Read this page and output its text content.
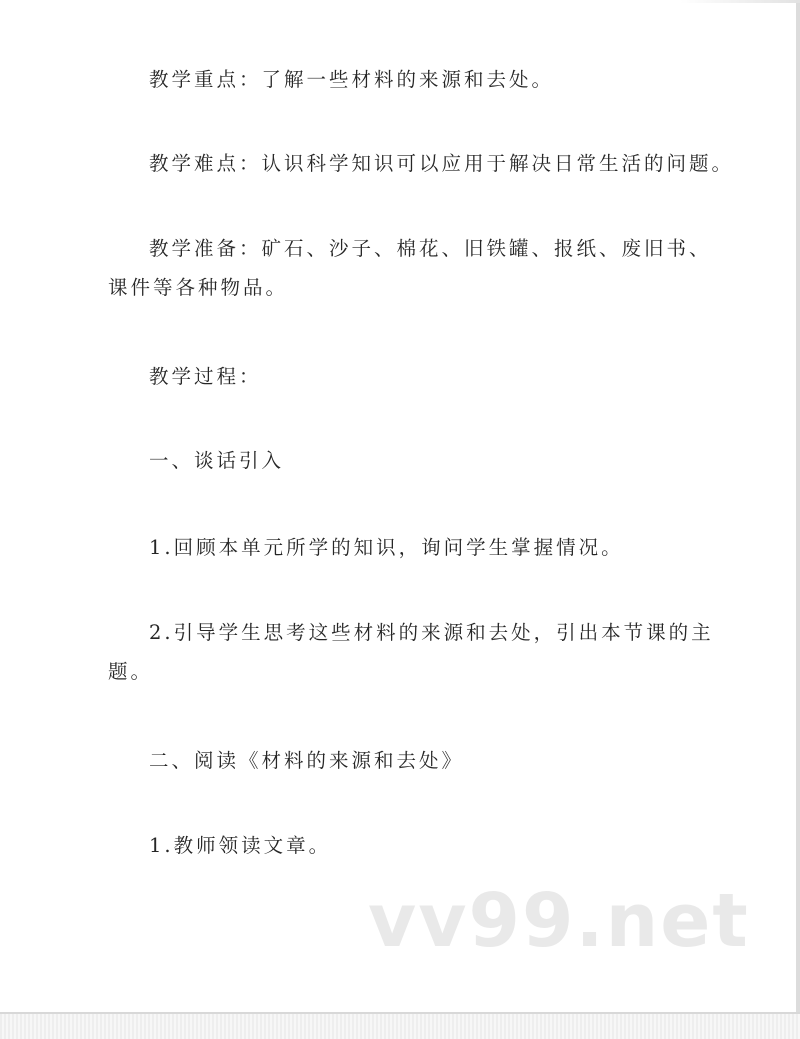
教学重点：了解一些材料的来源和去处。

教学难点：认识科学知识可以应用于解决日常生活的问题。

教学准备：矿石、沙子、棉花、旧铁罐、报纸、废旧书、
课件等各种物品。

教学过程：

一、谈话引入

1.回顾本单元所学的知识，询问学生掌握情况。

2.引导学生思考这些材料的来源和去处，引出本节课的主
题。

二、阅读《材料的来源和去处》

1.教师领读文章。

vv99.net
